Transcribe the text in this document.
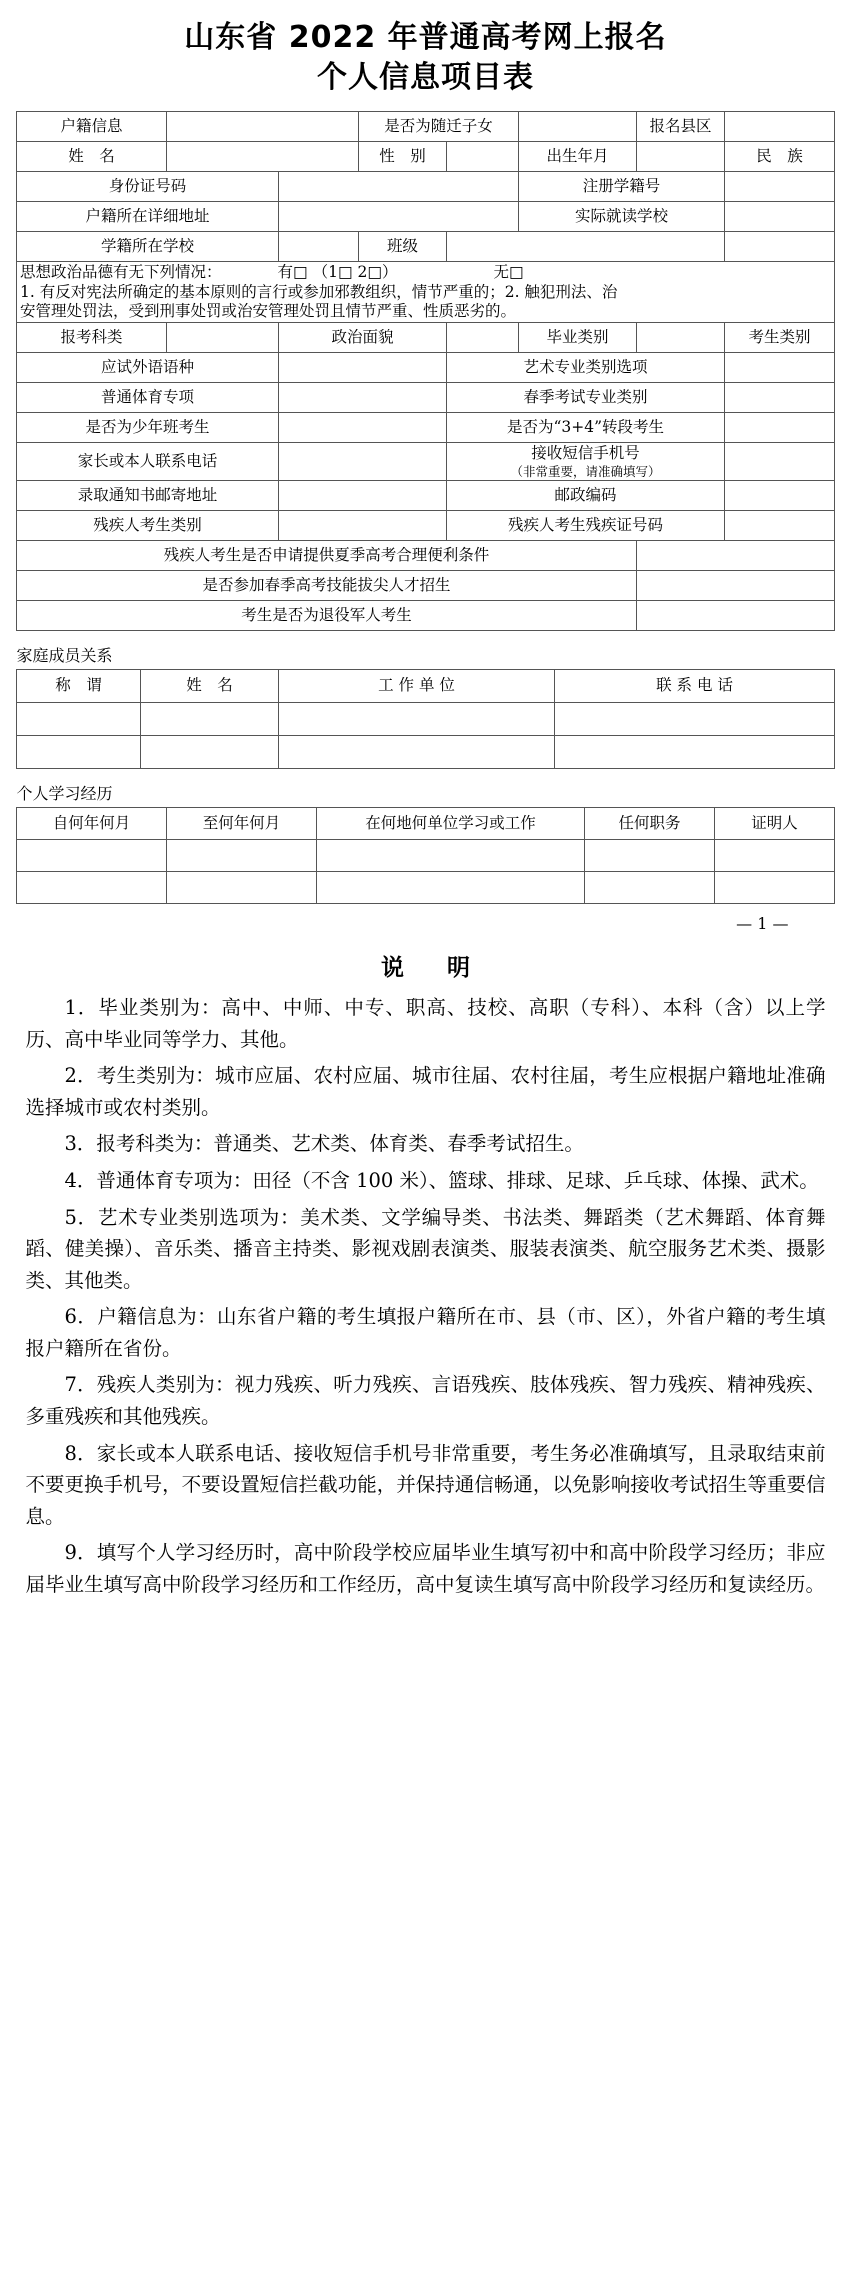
山东省 2022 年普通高考网上报名
个人信息项目表
户籍信息			是否为随迁子女			报名县区	
姓　名			性　别		出生年月		民　族
身份证号码					注册学籍号		
户籍所在详细地址					实际就读学校		
学籍所在学校			班级				

思想政治品德有无下列情况： 有□ （1□ 2□） 无□
1. 有反对宪法所确定的基本原则的言行或参加邪教组织，情节严重的；2. 触犯刑法、治
安管理处罚法，受到刑事处罚或治安管理处罚且情节严重、性质恶劣的。							

报考科类		政治面貌			毕业类别		考生类别
应试外语语种				艺术专业类别选项			
普通体育专项				春季考试专业类别			
是否为少年班考生				是否为“3+4”转段考生			
家长或本人联系电话				接收短信手机号
（非常重要，请准确填写）			

录取通知书邮寄地址				邮政编码			
残疾人考生类别				残疾人考生残疾证号码			
残疾人考生是否申请提供夏季高考合理便利条件							
是否参加春季高考技能拔尖人才招生							
考生是否为退役军人考生							
家庭成员关系
称　谓	姓　名	工 作 单 位	联 系 电 话

个人学习经历
自何年何月	至何年何月	在何地何单位学习或工作	任何职务	证明人

— 1 —
说　明

1．毕业类别为：高中、中师、中专、职高、技校、高职（专科）、本科（含）以上学历、高中毕业同等学力、其他。

2．考生类别为：城市应届、农村应届、城市往届、农村往届，考生应根据户籍地址准确选择城市或农村类别。

3．报考科类为：普通类、艺术类、体育类、春季考试招生。

4．普通体育专项为：田径（不含 100 米）、篮球、排球、足球、乒乓球、体操、武术。

5．艺术专业类别选项为：美术类、文学编导类、书法类、舞蹈类（艺术舞蹈、体育舞蹈、健美操）、音乐类、播音主持类、影视戏剧表演类、服装表演类、航空服务艺术类、摄影类、其他类。

6．户籍信息为：山东省户籍的考生填报户籍所在市、县（市、区），外省户籍的考生填报户籍所在省份。

7．残疾人类别为：视力残疾、听力残疾、言语残疾、肢体残疾、智力残疾、精神残疾、多重残疾和其他残疾。

8．家长或本人联系电话、接收短信手机号非常重要，考生务必准确填写，且录取结束前不要更换手机号，不要设置短信拦截功能，并保持通信畅通，以免影响接收考试招生等重要信息。

9．填写个人学习经历时，高中阶段学校应届毕业生填写初中和高中阶段学习经历；非应届毕业生填写高中阶段学习经历和工作经历，高中复读生填写高中阶段学习经历和复读经历。
